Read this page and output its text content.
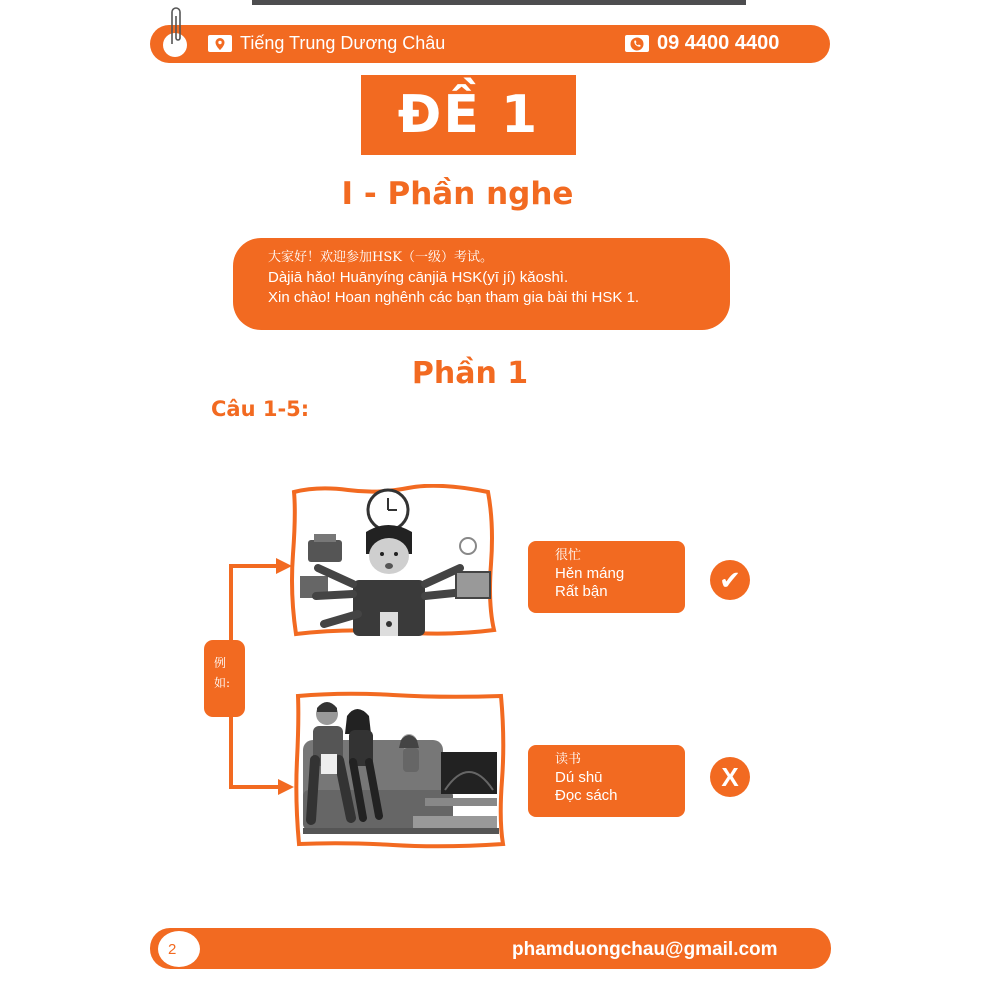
Tiếng Trung Dương Châu	09 4400 4400
ĐỀ 1
I - Phần nghe
大家好！欢迎参加HSK（一级）考试。
Dàjiā hǎo! Huānyíng cānjiā HSK(yī jí) kǎoshì.
Xin chào! Hoan nghênh các bạn tham gia bài thi HSK 1.
Phần 1
Câu 1-5:
例
如:
很忙
Hěn máng
Rất bận	✔
读书
Dú shū
Đọc sách
X
2	phamduongchau@gmail.com
